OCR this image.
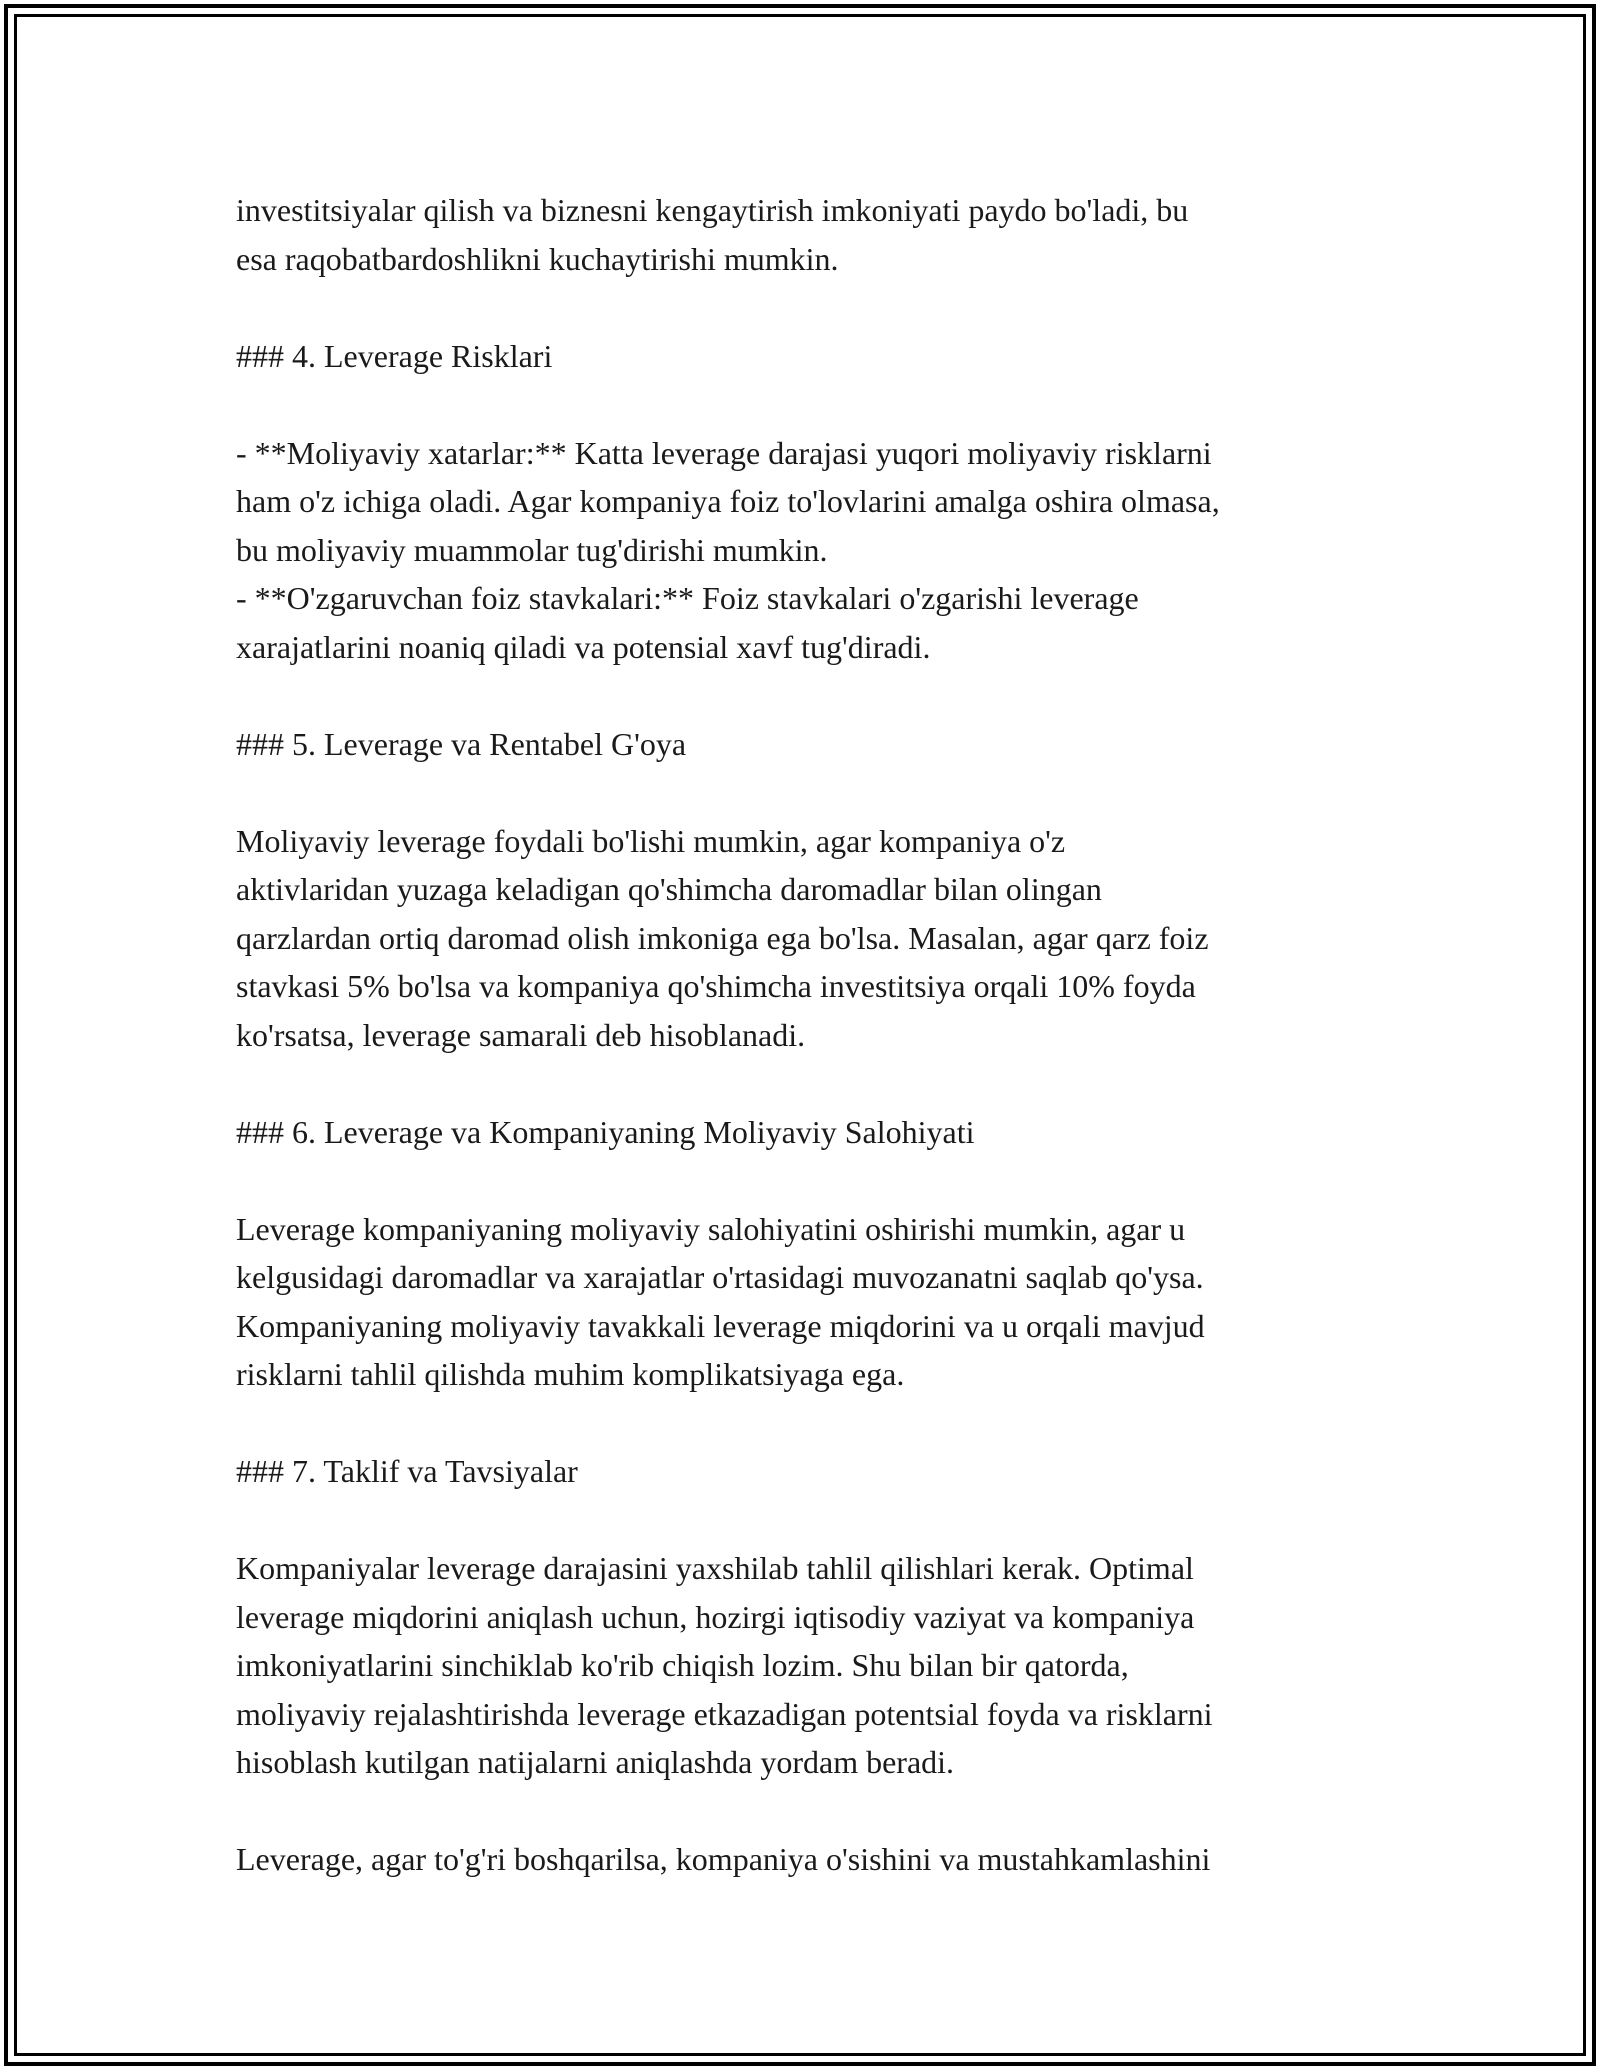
investitsiyalar qilish va biznesni kengaytirish imkoniyati paydo bo'ladi, bu
esa raqobatbardoshlikni kuchaytirishi mumkin.
### 4. Leverage Risklari
- **Moliyaviy xatarlar:** Katta leverage darajasi yuqori moliyaviy risklarni
ham o'z ichiga oladi. Agar kompaniya foiz to'lovlarini amalga oshira olmasa,
bu moliyaviy muammolar tug'dirishi mumkin.
- **O'zgaruvchan foiz stavkalari:** Foiz stavkalari o'zgarishi leverage
xarajatlarini noaniq qiladi va potensial xavf tug'diradi.
### 5. Leverage va Rentabel G'oya
Moliyaviy leverage foydali bo'lishi mumkin, agar kompaniya o'z
aktivlaridan yuzaga keladigan qo'shimcha daromadlar bilan olingan
qarzlardan ortiq daromad olish imkoniga ega bo'lsa. Masalan, agar qarz foiz
stavkasi 5% bo'lsa va kompaniya qo'shimcha investitsiya orqali 10% foyda
ko'rsatsa, leverage samarali deb hisoblanadi.
### 6. Leverage va Kompaniyaning Moliyaviy Salohiyati
Leverage kompaniyaning moliyaviy salohiyatini oshirishi mumkin, agar u
kelgusidagi daromadlar va xarajatlar o'rtasidagi muvozanatni saqlab qo'ysa.
Kompaniyaning moliyaviy tavakkali leverage miqdorini va u orqali mavjud
risklarni tahlil qilishda muhim komplikatsiyaga ega.
### 7. Taklif va Tavsiyalar
Kompaniyalar leverage darajasini yaxshilab tahlil qilishlari kerak. Optimal
leverage miqdorini aniqlash uchun, hozirgi iqtisodiy vaziyat va kompaniya
imkoniyatlarini sinchiklab ko'rib chiqish lozim. Shu bilan bir qatorda,
moliyaviy rejalashtirishda leverage etkazadigan potentsial foyda va risklarni
hisoblash kutilgan natijalarni aniqlashda yordam beradi.
Leverage, agar to'g'ri boshqarilsa, kompaniya o'sishini va mustahkamlashini
